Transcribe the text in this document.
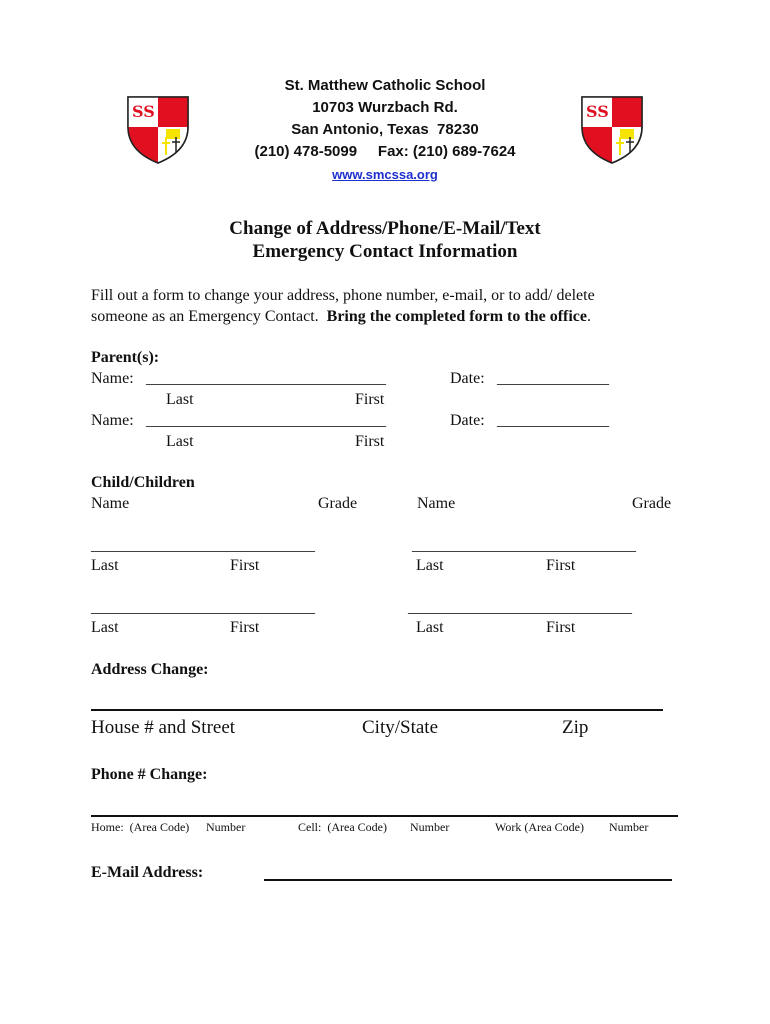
SS	SS
St. Matthew Catholic School
10703 Wurzbach Rd.
San Antonio, Texas  78230
(210) 478-5099     Fax: (210) 689-7624
www.smcssa.org
Change of Address/Phone/E-Mail/Text
Emergency Contact Information
Fill out a form to change your address, phone number, e-mail, or to add/ delete
someone as an Emergency Contact.  Bring the completed form to the office.
Parent(s):
Name: ______________________________	Date: ______________
Last	First
Name: ______________________________	Date: ______________
Last	First
Child/Children
Name	Grade	Name	Grade
____________________________	____________________________
Last	First	Last	First
____________________________	____________________________
Last	First	Last	First
Address Change:
House # and Street	City/State	Zip
Phone # Change:
Home:  (Area Code) Number	Cell:  (Area Code) Number	Work (Area Code) Number
E-Mail Address:
